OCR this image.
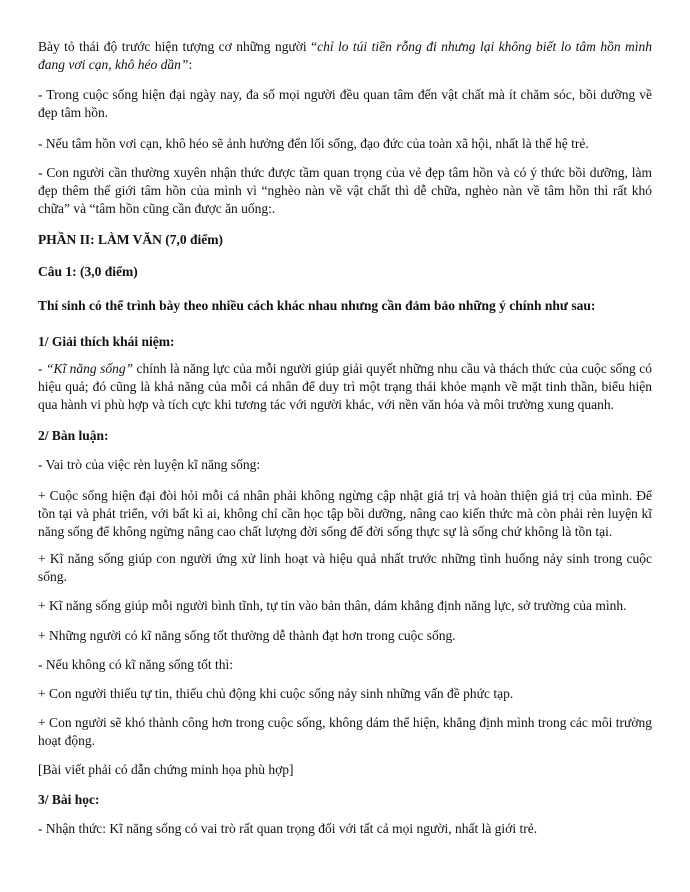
Bày tỏ thái độ trước hiện tượng cơ những người “chỉ lo túi tiền rỗng đi nhưng lại không biết lo tâm hồn mình đang vơi cạn, khô héo dần”:

- Trong cuộc sống hiện đại ngày nay, đa số mọi người đều quan tâm đến vật chất mà ít chăm sóc, bồi dưỡng về đẹp tâm hồn.

- Nếu tâm hồn vơi cạn, khô héo sẽ ảnh hưởng đến lối sống, đạo đức của toàn xã hội, nhất là thế hệ trẻ.

- Con người cần thường xuyên nhận thức được tầm quan trọng của vẻ đẹp tâm hồn và có ý thức bồi dưỡng, làm đẹp thêm thế giới tâm hồn của mình vì “nghèo nàn về vật chất thì dễ chữa, nghèo nàn về tâm hồn thì rất khó chữa” và “tâm hồn cũng cần được ăn uống:.

PHẦN II: LÀM VĂN (7,0 điểm)

Câu 1: (3,0 điểm)

Thí sinh có thể trình bày theo nhiều cách khác nhau nhưng cần đảm bảo những ý chính như sau:

1/ Giải thích khái niệm:

- “Kĩ năng sống” chính là năng lực của mỗi người giúp giải quyết những nhu cầu và thách thức của cuộc sống có hiệu quả; đó cũng là khả năng của mỗi cá nhân để duy trì một trạng thái khỏe mạnh về mặt tinh thần, biểu hiện qua hành vi phù hợp và tích cực khi tương tác với người khác, với nền văn hóa và môi trường xung quanh.

2/ Bàn luận:

- Vai trò của việc rèn luyện kĩ năng sống:

+ Cuộc sống hiện đại đòi hỏi mỗi cá nhân phải không ngừng cập nhật giá trị và hoàn thiện giá trị của mình. Để tồn tại và phát triển, với bất kì ai, không chỉ cần học tập bồi dưỡng, nâng cao kiến thức mà còn phải rèn luyện kĩ năng sống để không ngừng nâng cao chất lượng đời sống để đời sống thực sự là sống chứ không là tồn tại.

+ Kĩ năng sống giúp con người ứng xử linh hoạt và hiệu quả nhất trước những tình huống nảy sinh trong cuộc sống.

+ Kĩ năng sống giúp mỗi người bình tĩnh, tự tin vào bản thân, dám khẳng định năng lực, sở trường của mình.

+ Những người có kĩ năng sống tốt thường dễ thành đạt hơn trong cuộc sống.

- Nếu không có kĩ năng sống tốt thì:

+ Con người thiếu tự tin, thiếu chủ động khi cuộc sống nảy sinh những vấn đề phức tạp.

+ Con người sẽ khó thành công hơn trong cuộc sống, không dám thể hiện, khẳng định mình trong các môi trường hoạt động.

[Bài viết phải có dẫn chứng minh họa phù hợp]

3/ Bài học:

- Nhận thức: Kĩ năng sống có vai trò rất quan trọng đối với tất cả mọi người, nhất là giới trẻ.
